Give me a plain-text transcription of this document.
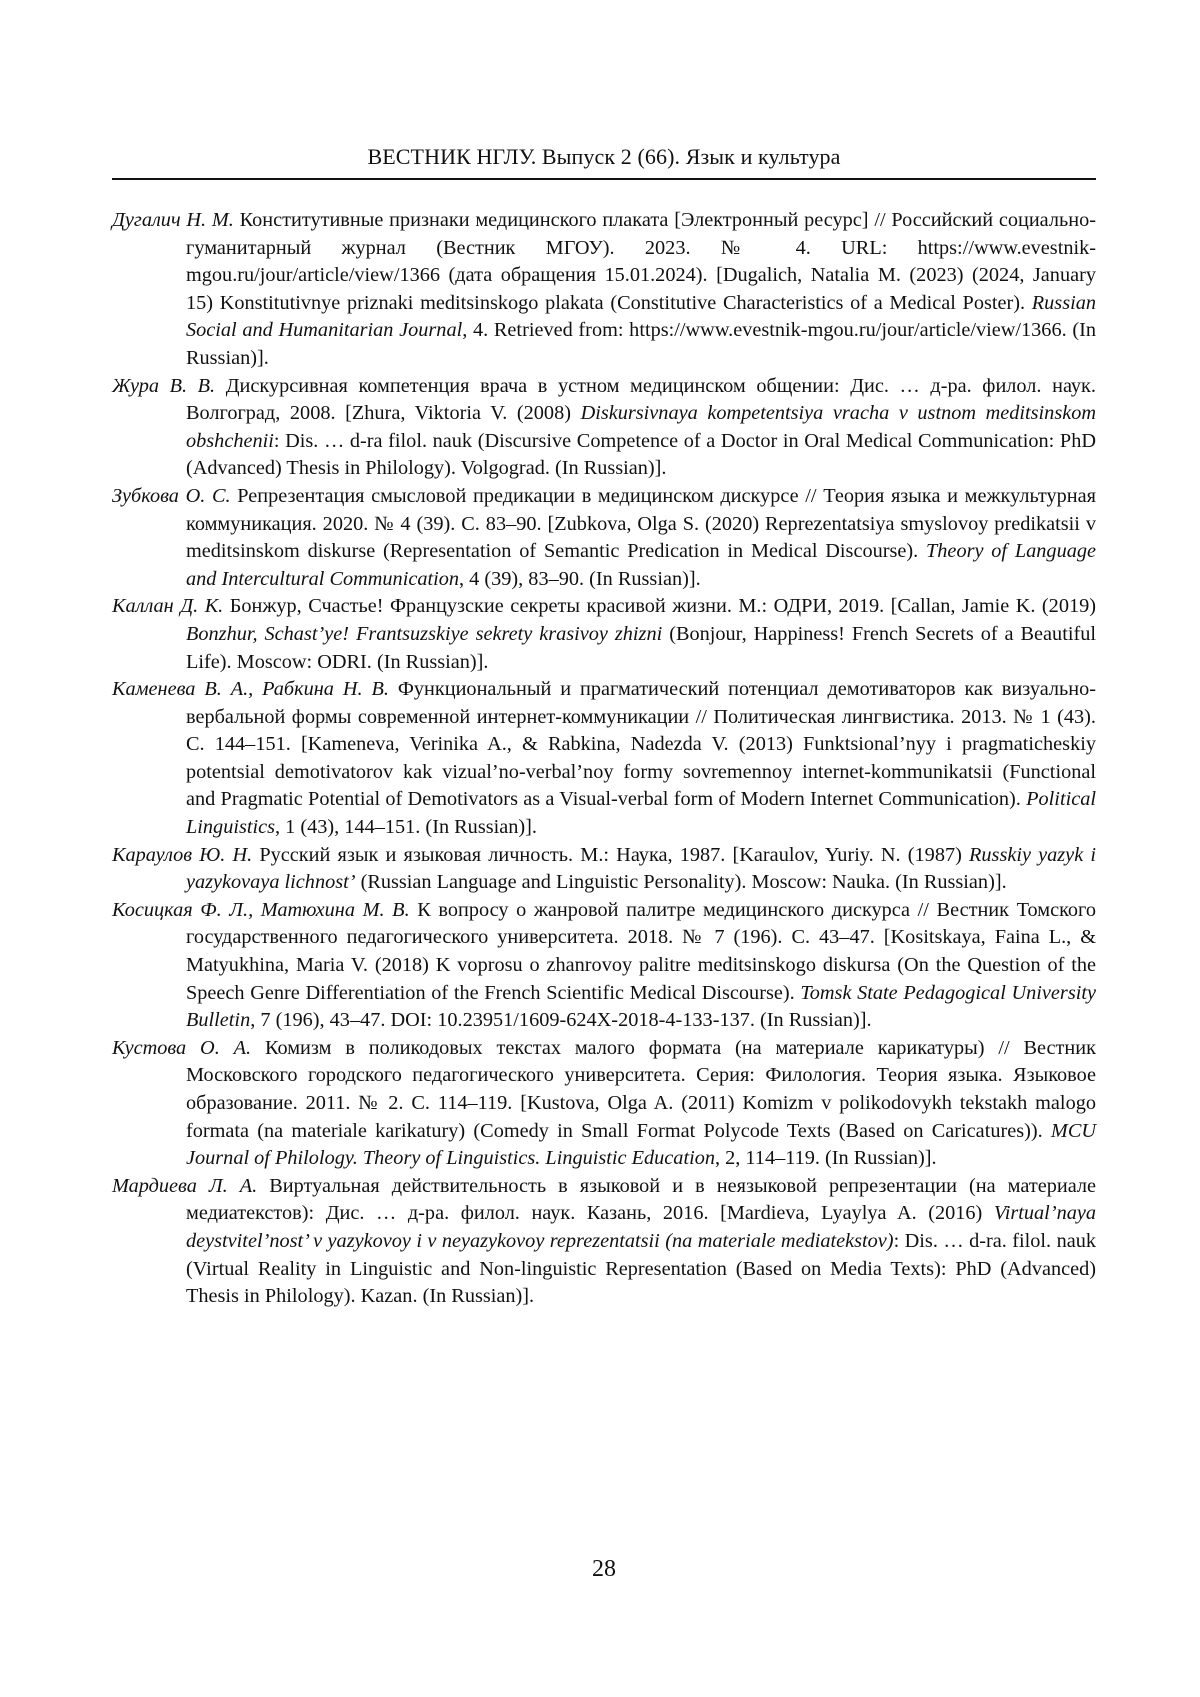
ВЕСТНИК НГЛУ. Выпуск 2 (66). Язык и культура

Дугалич Н. М. Конститутивные признаки медицинского плаката [Электронный ресурс] // Российский социально-гуманитарный журнал (Вестник МГОУ). 2023. № 4. URL: https://www.evestnik-mgou.ru/jour/article/view/1366 (дата обращения 15.01.2024). [Dugalich, Natalia M. (2023) (2024, January 15) Konstitutivnye priznaki meditsinskogo plakata (Constitutive Characteristics of a Medical Poster). Russian Social and Humanitarian Journal, 4. Retrieved from: https://www.evestnik-mgou.ru/jour/article/view/1366. (In Russian)].

Жура В. В. Дискурсивная компетенция врача в устном медицинском общении: Дис. … д-ра. филол. наук. Волгоград, 2008. [Zhura, Viktoria V. (2008) Diskursivnaya kompetentsiya vracha v ustnom meditsinskom obshchenii: Dis. … d-ra filol. nauk (Discursive Competence of a Doctor in Oral Medical Communication: PhD (Advanced) Thesis in Philology). Volgograd. (In Russian)].

Зубкова О. С. Репрезентация смысловой предикации в медицинском дискурсе // Теория языка и межкультурная коммуникация. 2020. № 4 (39). С. 83–90. [Zubkova, Olga S. (2020) Reprezentatsiya smyslovoy predikatsii v meditsinskom diskurse (Representation of Semantic Predication in Medical Discourse). Theory of Language and Intercultural Communication, 4 (39), 83–90. (In Russian)].

Каллан Д. К. Бонжур, Счастье! Французские секреты красивой жизни. М.: ОДРИ, 2019. [Callan, Jamie K. (2019) Bonzhur, Schast’ye! Frantsuzskiye sekrety krasivoy zhizni (Bonjour, Happiness! French Secrets of a Beautiful Life). Moscow: ODRI. (In Russian)].

Каменева В. А., Рабкина Н. В. Функциональный и прагматический потенциал демотиваторов как визуально-вербальной формы современной интернет-коммуникации // Политическая лингвистика. 2013. № 1 (43). С. 144–151. [Kameneva, Verinika A., & Rabkina, Nadezda V. (2013) Funktsional’nyy i pragmaticheskiy potentsial demotivatorov kak vizual’no-verbal’noy formy sovremennoy internet-kommunikatsii (Functional and Pragmatic Potential of Demotivators as a Visual-verbal form of Modern Internet Communication). Political Linguistics, 1 (43), 144–151. (In Russian)].

Караулов Ю. Н. Русский язык и языковая личность. М.: Наука, 1987. [Karaulov, Yuriy. N. (1987) Russkiy yazyk i yazykovaya lichnost’ (Russian Language and Linguistic Personality). Moscow: Nauka. (In Russian)].

Косицкая Ф. Л., Матюхина М. В. К вопросу о жанровой палитре медицинского дискурса // Вестник Томского государственного педагогического университета. 2018. № 7 (196). С. 43–47. [Kositskaya, Faina L., & Matyukhina, Maria V. (2018) K voprosu o zhanrovoy palitre meditsinskogo diskursa (On the Question of the Speech Genre Differentiation of the French Scientific Medical Discourse). Tomsk State Pedagogical University Bulletin, 7 (196), 43–47. DOI: 10.23951/1609-624X-2018-4-133-137. (In Russian)].

Кустова О. А. Комизм в поликодовых текстах малого формата (на материале карикатуры) // Вестник Московского городского педагогического университета. Серия: Филология. Теория языка. Языковое образование. 2011. № 2. С. 114–119. [Kustova, Olga A. (2011) Komizm v polikodovykh tekstakh malogo formata (na materiale karikatury) (Comedy in Small Format Polycode Texts (Based on Caricatures)). MCU Journal of Philology. Theory of Linguistics. Linguistic Education, 2, 114–119. (In Russian)].

Мардиева Л. А. Виртуальная действительность в языковой и в неязыковой репрезентации (на материале медиатекстов): Дис. … д-ра. филол. наук. Казань, 2016. [Mardieva, Lyaylya A. (2016) Virtual’naya deystvitel’nost’ v yazykovoy i v neyazykovoy reprezentatsii (na materiale mediatekstov): Dis. … d-ra. filol. nauk (Virtual Reality in Linguistic and Non-linguistic Representation (Based on Media Texts): PhD (Advanced) Thesis in Philology). Kazan. (In Russian)].

28
